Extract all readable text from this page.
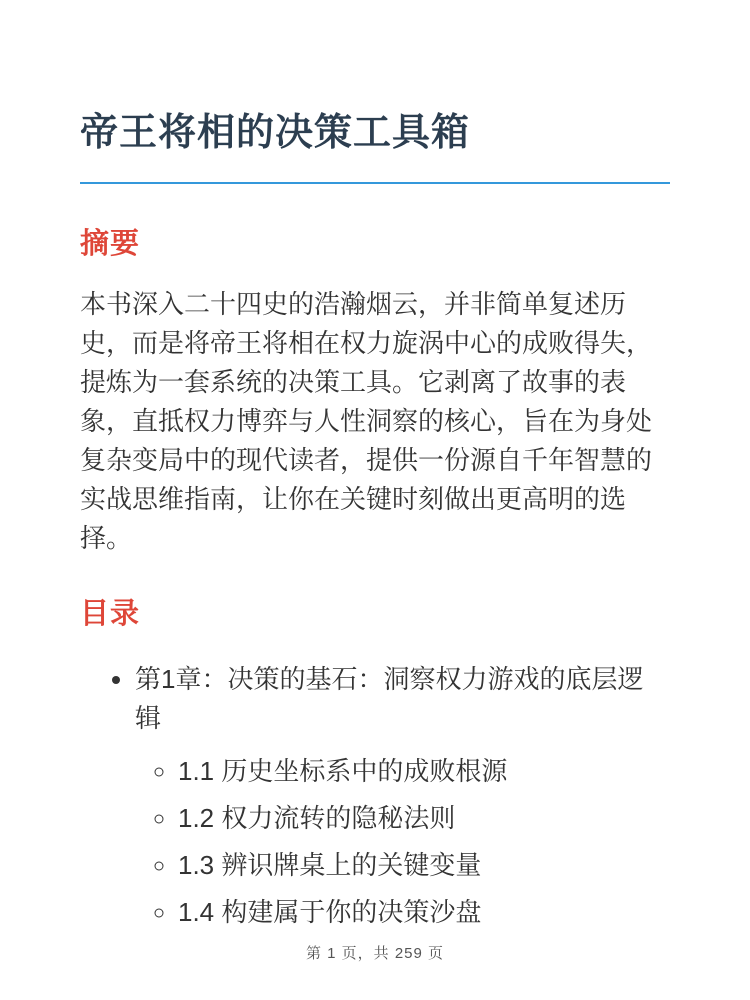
帝王将相的决策工具箱
摘要

本书深入二十四史的浩瀚烟云，并非简单复述历史，而是将帝王将相在权力旋涡中心的成败得失，提炼为一套系统的决策工具。它剥离了故事的表象，直抵权力博弈与人性洞察的核心，旨在为身处复杂变局中的现代读者，提供一份源自千年智慧的实战思维指南，让你在关键时刻做出更高明的选择。

目录
• 第1章：决策的基石：洞察权力游戏的底层逻辑
◦ 1.1 历史坐标系中的成败根源
◦ 1.2 权力流转的隐秘法则
◦ 1.3 辨识牌桌上的关键变量
◦ 1.4 构建属于你的决策沙盘
第 1 页，共 259 页
